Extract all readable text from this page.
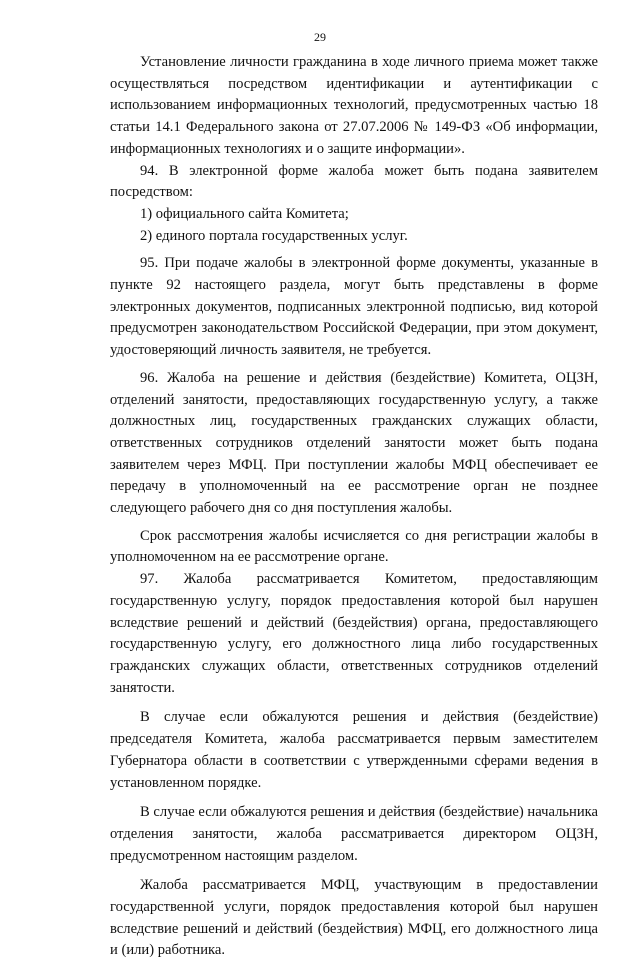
29

Установление личности гражданина в ходе личного приема может также осуществляться посредством идентификации и аутентификации с использованием информационных технологий, предусмотренных частью 18 статьи 14.1 Федерального закона от 27.07.2006 № 149-ФЗ «Об информации, информационных технологиях и о защите информации».

94. В электронной форме жалоба может быть подана заявителем посредством:

1) официального сайта Комитета;

2) единого портала государственных услуг.

95. При подаче жалобы в электронной форме документы, указанные в пункте 92 настоящего раздела, могут быть представлены в форме электронных документов, подписанных электронной подписью, вид которой предусмотрен законодательством Российской Федерации, при этом документ, удостоверяющий личность заявителя, не требуется.

96. Жалоба на решение и действия (бездействие) Комитета, ОЦЗН, отделений занятости, предоставляющих государственную услугу, а также должностных лиц, государственных гражданских служащих области, ответственных сотрудников отделений занятости может быть подана заявителем через МФЦ. При поступлении жалобы МФЦ обеспечивает ее передачу в уполномоченный на ее рассмотрение орган не позднее следующего рабочего дня со дня поступления жалобы.

Срок рассмотрения жалобы исчисляется со дня регистрации жалобы в уполномоченном на ее рассмотрение органе.

97. Жалоба рассматривается Комитетом, предоставляющим государственную услугу, порядок предоставления которой был нарушен вследствие решений и действий (бездействия) органа, предоставляющего государственную услугу, его должностного лица либо государственных гражданских служащих области, ответственных сотрудников отделений занятости.

В случае если обжалуются решения и действия (бездействие) председателя Комитета, жалоба рассматривается первым заместителем Губернатора области в соответствии с утвержденными сферами ведения в установленном порядке.

В случае если обжалуются решения и действия (бездействие) начальника отделения занятости, жалоба рассматривается директором ОЦЗН, предусмотренном настоящим разделом.

Жалоба рассматривается МФЦ, участвующим в предоставлении государственной услуги, порядок предоставления которой был нарушен вследствие решений и действий (бездействия) МФЦ, его должностного лица и (или) работника.
